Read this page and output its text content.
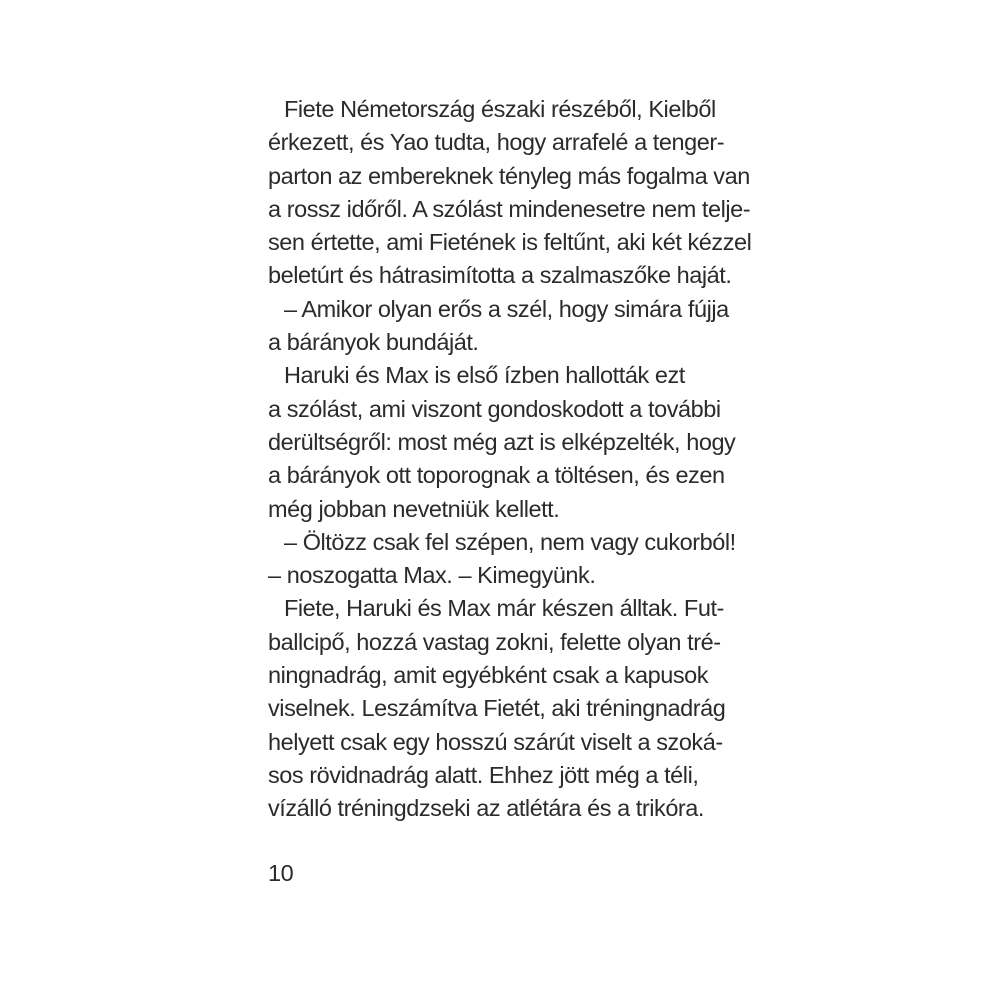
Fiete Németország északi részéből, Kielből
érkezett, és Yao tudta, hogy arrafelé a tenger-
parton az embereknek tényleg más fogalma van
a rossz időről. A szólást mindenesetre nem telje-
sen értette, ami Fietének is feltűnt, aki két kézzel
beletúrt és hátrasimította a szalmaszőke haját.
– Amikor olyan erős a szél, hogy simára fújja
a bárányok bundáját.
Haruki és Max is első ízben hallották ezt
a szólást, ami viszont gondoskodott a további
derültségről: most még azt is elképzelték, hogy
a bárányok ott toporognak a töltésen, és ezen
még jobban nevetniük kellett.
– Öltözz csak fel szépen, nem vagy cukorból!
– noszogatta Max. – Kimegyünk.
Fiete, Haruki és Max már készen álltak. Fut-
ballcipő, hozzá vastag zokni, felette olyan tré-
ningnadrág, amit egyébként csak a kapusok
viselnek. Leszámítva Fietét, aki tréningnadrág
helyett csak egy hosszú szárút viselt a szoká-
sos rövidnadrág alatt. Ehhez jött még a téli,
vízálló tréningdzseki az atlétára és a trikóra.
10
